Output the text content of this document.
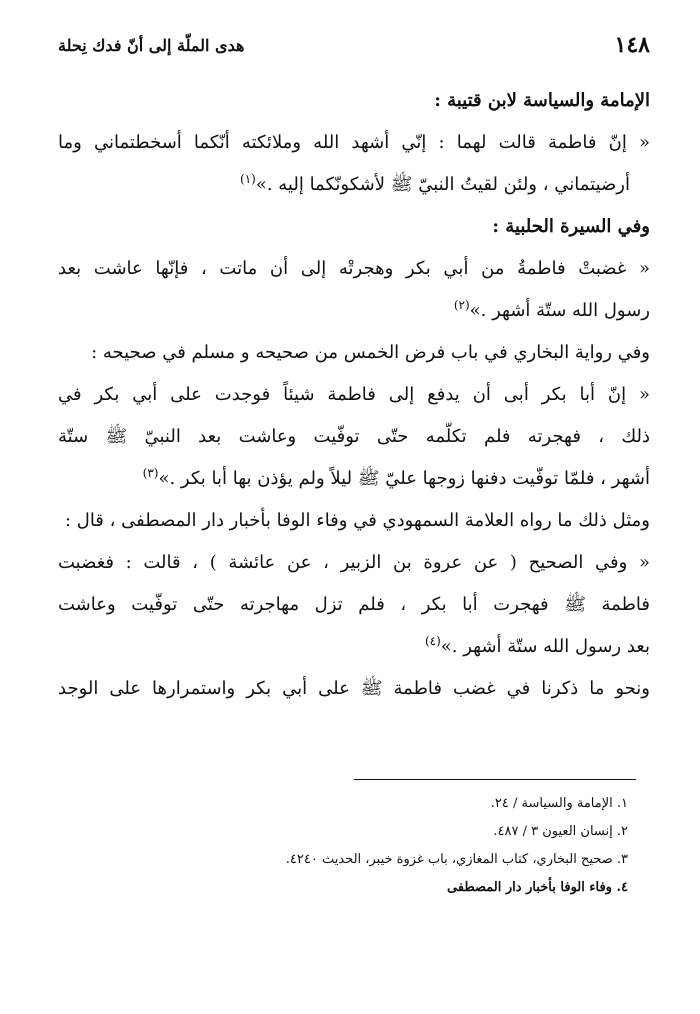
١٤٨
هدى الملّة إلى أنّ فدك نِحلة
الإمامة والسياسة لابن قتيبة :
« إنّ فاطمة قالت لهما : إنّي أشهد الله وملائكته أنّكما أسخطتماني وما
أرضيتماني ، ولئن لقيتُ النبيّ ﷺ لأشكونّكما إليه .»$^{(١)}$
وفي السيرة الحلبية :
« غضبتْ فاطمةُ من أبي بكر وهجرتْه إلى أن ماتت ، فإنّها عاشت بعد
رسول الله ستّة أشهر .»$^{(٢)}$
وفي رواية البخاري في باب فرض الخمس من صحيحه و مسلم في صحيحه :
« إنّ أبا بكر أبى أن يدفع إلى فاطمة شيئاً فوجدت على أبي بكر في
ذلك ، فهجرته فلم تكلّمه حتّى توفّيت وعاشت بعد النبيّ ﷺ ستّة
أشهر ، فلمّا توفّيت دفنها زوجها عليّ ﷺ ليلاً ولم يؤذن بها أبا بكر .»$^{(٣)}$
ومثل ذلك ما رواه العلامة السمهودي في وفاء الوفا بأخبار دار المصطفى ، قال :
« وفي الصحيح ( عن عروة بن الزبير ، عن عائشة ) ، قالت : فغضبت
فاطمة ﷺ فهجرت أبا بكر ، فلم تزل مهاجرته حتّى توفّيت وعاشت
بعد رسول الله ستّة أشهر .»$^{(٤)}$
ونحو ما ذكرنا في غضب فاطمة ﷺ على أبي بكر واستمرارها على الوجد
١. الإمامة والسياسة / ٢٤.
٢. إنسان العيون ٣ / ٤٨٧.
٣. صحيح البخاري، كتاب المغازي، باب غزوة خيبر، الحديث ٤٢٤٠.
٤. وفاء الوفا بأخبار دار المصطفى
